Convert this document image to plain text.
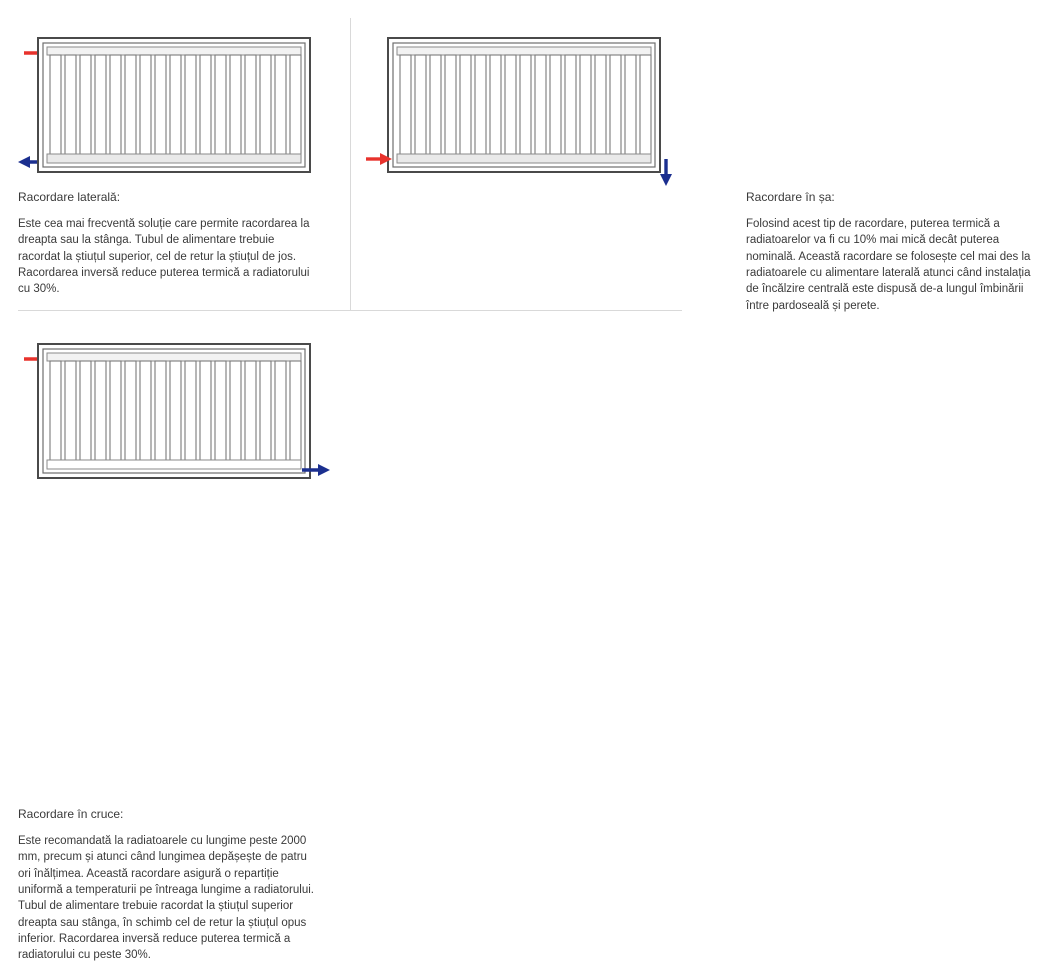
Racordare laterală:
Este cea mai frecventă soluție care permite racordarea la dreapta sau la stânga. Tubul de alimentare trebuie racordat la știuțul superior, cel de retur la știuțul de jos. Racordarea inversă reduce puterea termică a radiatorului cu 30%.
Racordare în șa:
Folosind acest tip de racordare, puterea termică a radiatoarelor va fi cu 10% mai mică decât puterea nominală. Această racordare se folosește cel mai des la radiatoarele cu alimentare laterală atunci când instalația de încălzire centrală este dispusă de-a lungul îmbinării între pardoseală și perete.
Racordare în cruce:
Este recomandată la radiatoarele cu lungime peste 2000 mm, precum și atunci când lungimea depășește de patru ori înălțimea. Această racordare asigură o repartiție uniformă a temperaturii pe întreaga lungime a radiatorului. Tubul de alimentare trebuie racordat la știuțul superior dreapta sau stânga, în schimb cel de retur la știuțul opus inferior. Racordarea inversă reduce puterea termică a radiatorului cu peste 30%.
